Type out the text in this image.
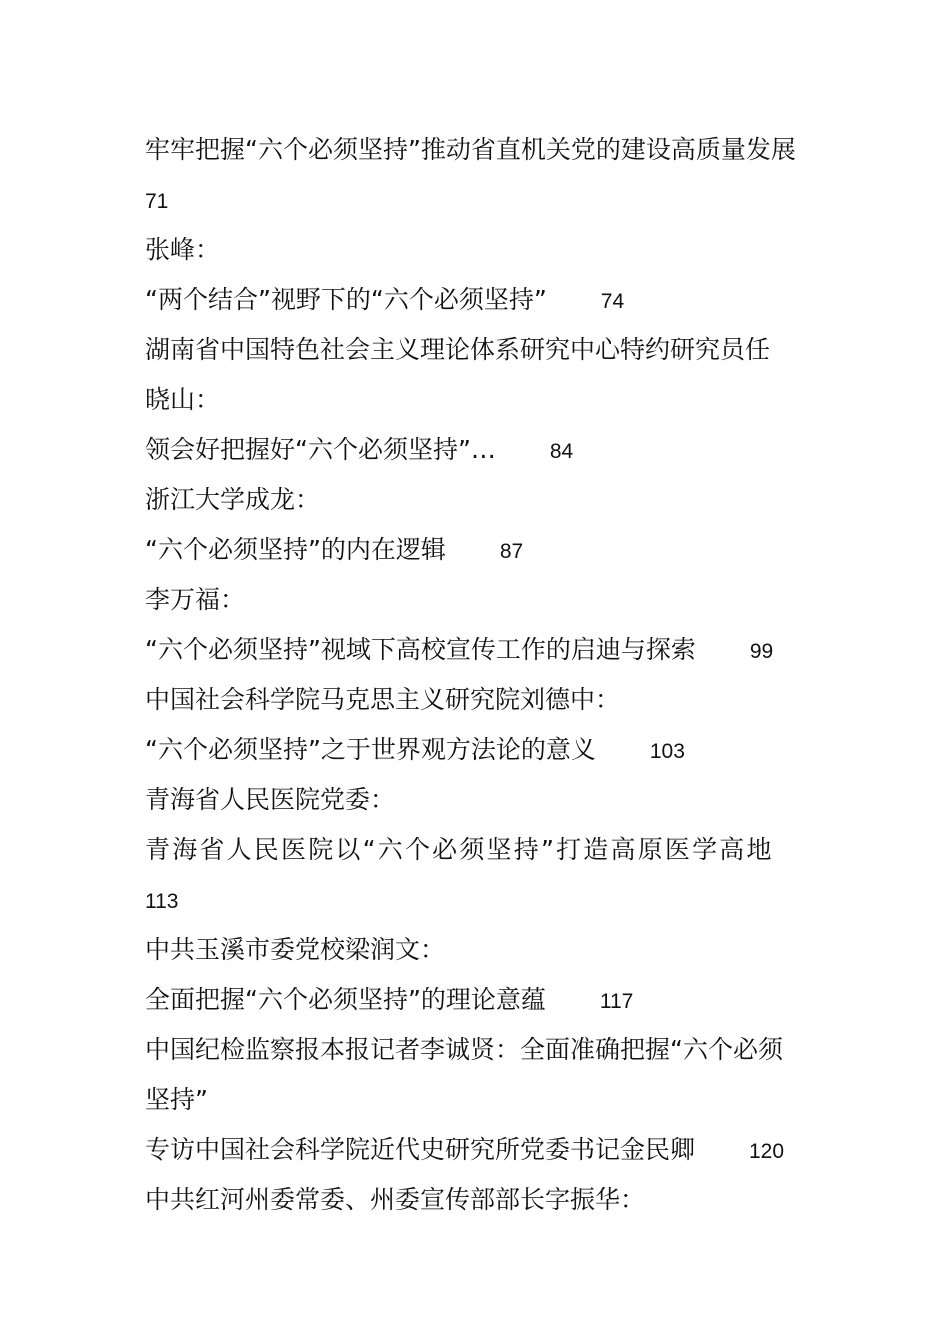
牢牢把握“六个必须坚持”推动省直机关党的建设高质量发展
71
张峰：
“两个结合”视野下的“六个必须坚持”	74
湖南省中国特色社会主义理论体系研究中心特约研究员任
晓山：
领会好把握好“六个必须坚持”…	84
浙江大学成龙：
“六个必须坚持”的内在逻辑	87
李万福：
“六个必须坚持”视域下高校宣传工作的启迪与探索	99
中国社会科学院马克思主义研究院刘德中：
“六个必须坚持”之于世界观方法论的意义	103
青海省人民医院党委：
青海省人民医院以“六个必须坚持”打造高原医学高地
113
中共玉溪市委党校梁润文：
全面把握“六个必须坚持”的理论意蕴	117
中国纪检监察报本报记者李诚贤：全面准确把握“六个必须
坚持”
专访中国社会科学院近代史研究所党委书记金民卿	120
中共红河州委常委、州委宣传部部长字振华：
